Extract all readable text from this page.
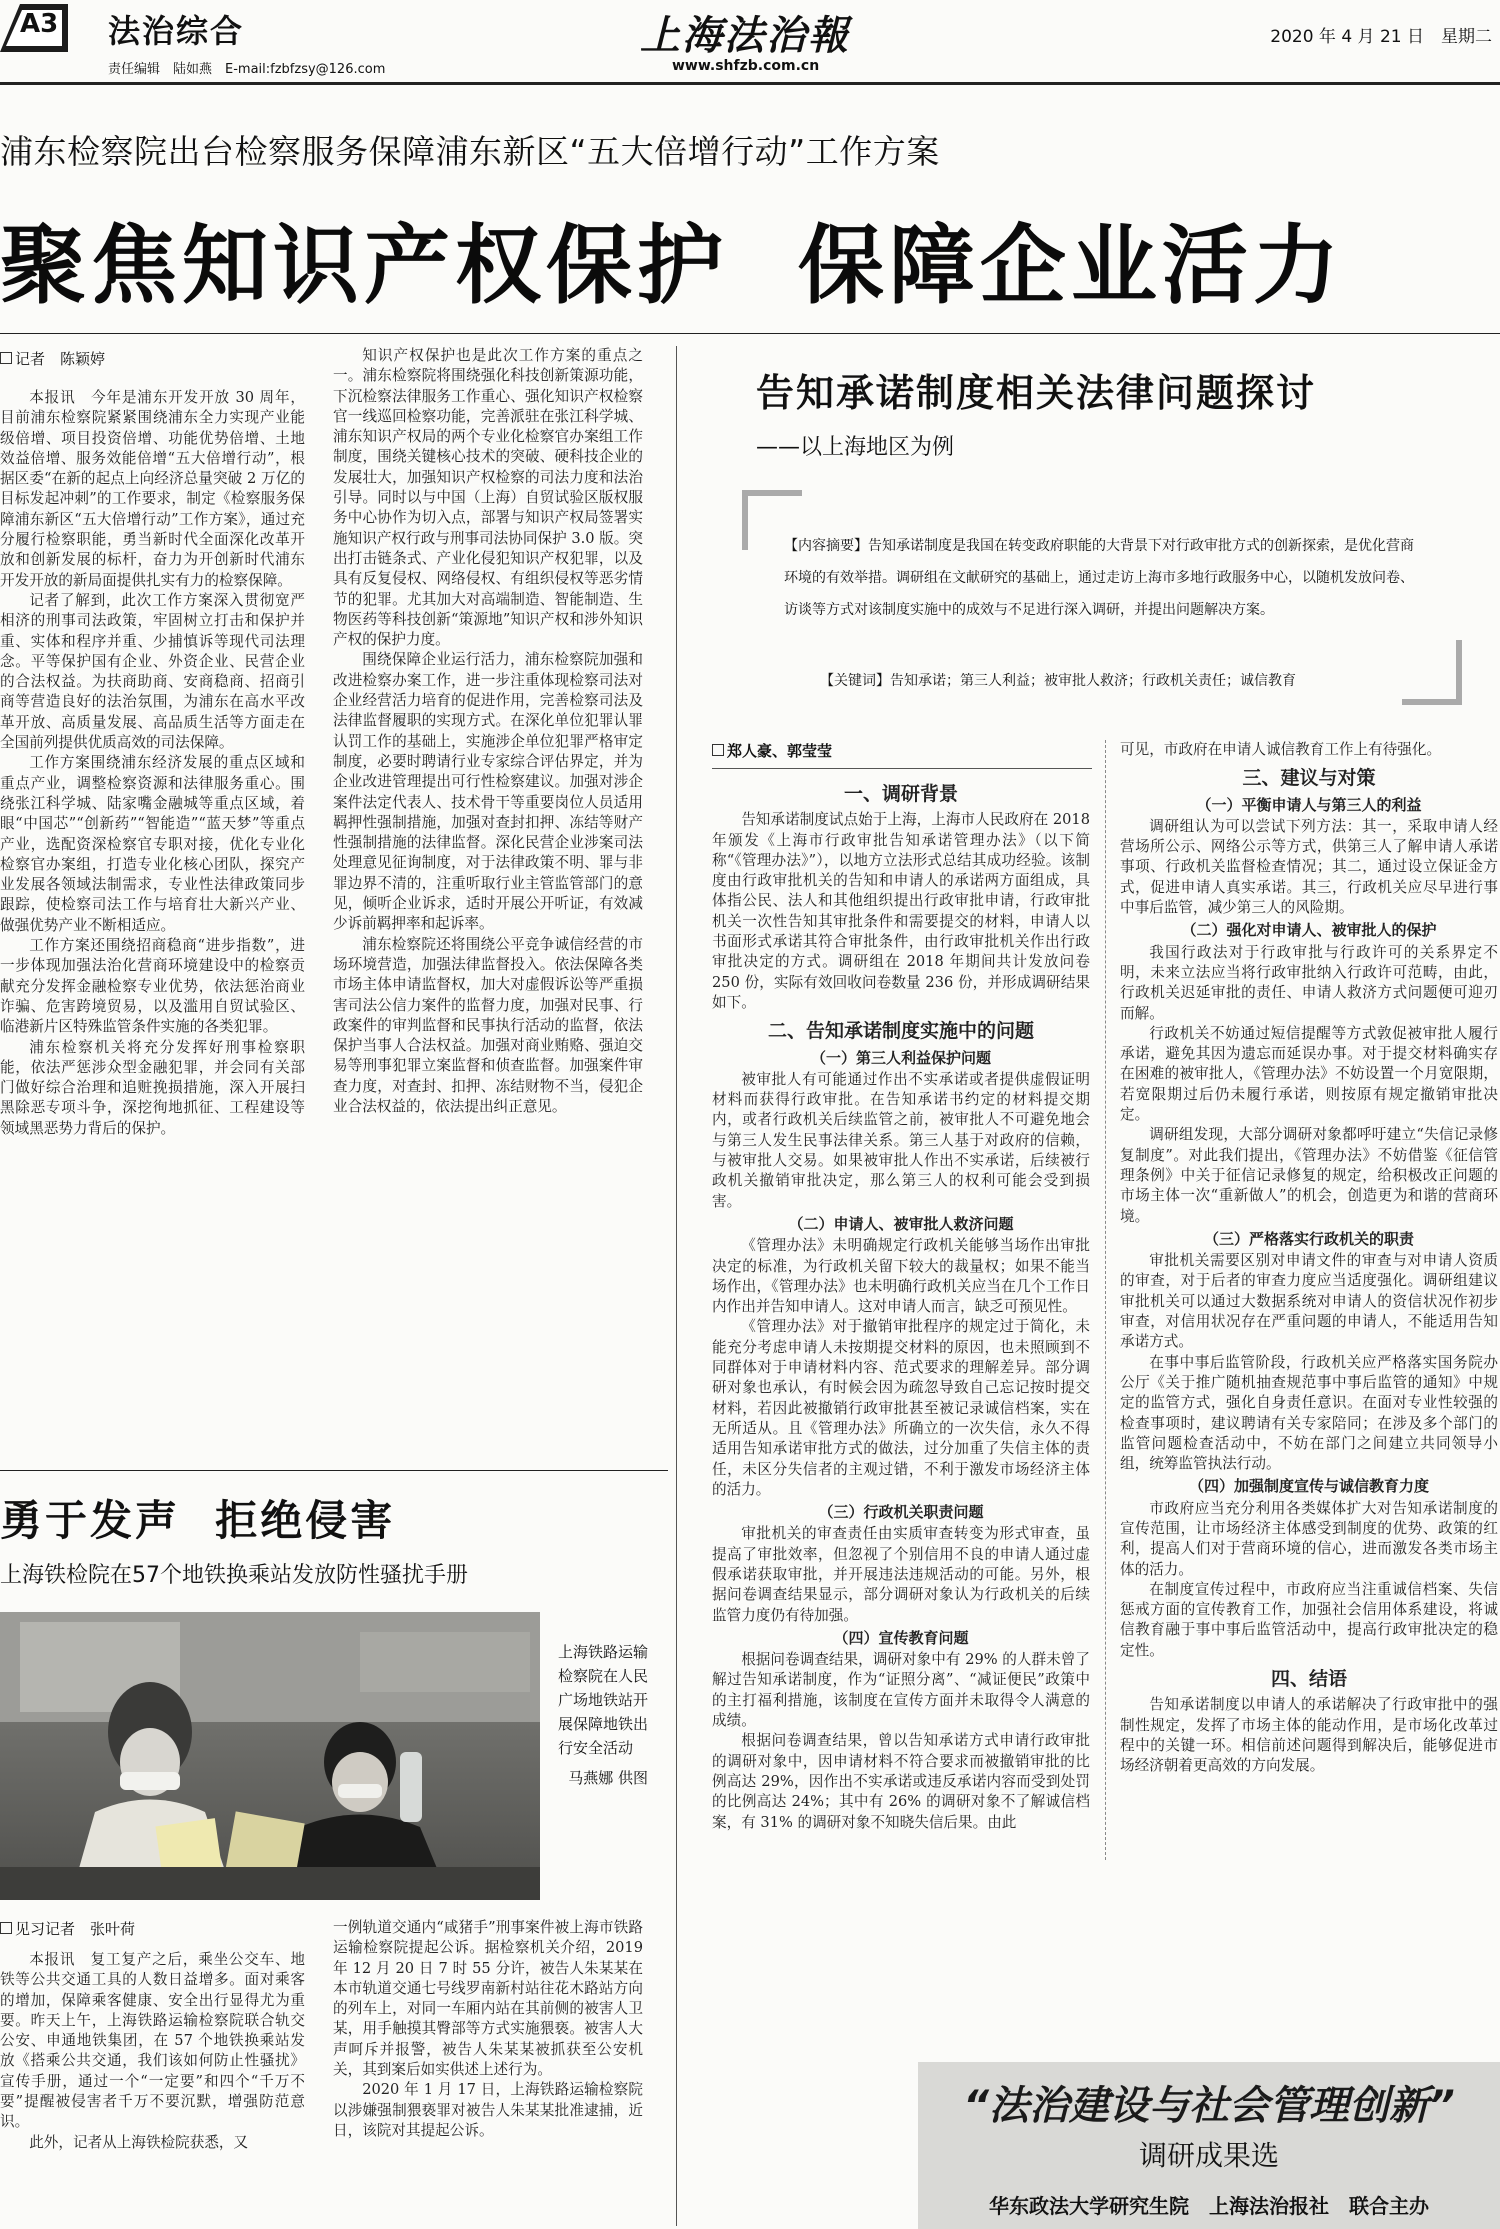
A3 法治综合
责任编辑　陆如燕　E-mail:fzbfzsy@126.com
上海法治報
www.shfzb.com.cn
2020 年 4 月 21 日　星期二
浦东检察院出台检察服务保障浦东新区“五大倍增行动”工作方案
聚焦知识产权保护  保障企业活力
记者　陈颖婷

本报讯　今年是浦东开发开放 30 周年，目前浦东检察院紧紧围绕浦东全力实现产业能级倍增、项目投资倍增、功能优势倍增、土地效益倍增、服务效能倍增“五大倍增行动”，根据区委“在新的起点上向经济总量突破 2 万亿的目标发起冲刺”的工作要求，制定《检察服务保障浦东新区“五大倍增行动”工作方案》，通过充分履行检察职能，勇当新时代全面深化改革开放和创新发展的标杆，奋力为开创新时代浦东开发开放的新局面提供扎实有力的检察保障。

记者了解到，此次工作方案深入贯彻宽严相济的刑事司法政策，牢固树立打击和保护并重、实体和程序并重、少捕慎诉等现代司法理念。平等保护国有企业、外资企业、民营企业的合法权益。为扶商助商、安商稳商、招商引商等营造良好的法治氛围，为浦东在高水平改革开放、高质量发展、高品质生活等方面走在全国前列提供优质高效的司法保障。

工作方案围绕浦东经济发展的重点区域和重点产业，调整检察资源和法律服务重心。围绕张江科学城、陆家嘴金融城等重点区域，着眼“中国芯”“创新药”“智能造”“蓝天梦”等重点产业，选配资深检察官专职对接，优化专业化检察官办案组，打造专业化核心团队，探究产业发展各领域法制需求，专业性法律政策同步跟踪，使检察司法工作与培育壮大新兴产业、做强优势产业不断相适应。

工作方案还围绕招商稳商“进步指数”，进一步体现加强法治化营商环境建设中的检察贡献充分发挥金融检察专业优势，依法惩治商业诈骗、危害跨境贸易，以及滥用自贸试验区、临港新片区特殊监管条件实施的各类犯罪。

浦东检察机关将充分发挥好刑事检察职能，依法严惩涉众型金融犯罪，并会同有关部门做好综合治理和追赃挽损措施，深入开展扫黑除恶专项斗争，深挖徇地抓征、工程建设等领域黑恶势力背后的保护。

知识产权保护也是此次工作方案的重点之一。浦东检察院将围绕强化科技创新策源功能，下沉检察法律服务工作重心、强化知识产权检察官一线巡回检察功能，完善派驻在张江科学城、浦东知识产权局的两个专业化检察官办案组工作制度，围绕关键核心技术的突破、硬科技企业的发展壮大，加强知识产权检察的司法力度和法治引导。同时以与中国（上海）自贸试验区版权服务中心协作为切入点，部署与知识产权局签署实施知识产权行政与刑事司法协同保护 3.0 版。突出打击链条式、产业化侵犯知识产权犯罪，以及具有反复侵权、网络侵权、有组织侵权等恶劣情节的犯罪。尤其加大对高端制造、智能制造、生物医药等科技创新“策源地”知识产权和涉外知识产权的保护力度。

围绕保障企业运行活力，浦东检察院加强和改进检察办案工作，进一步注重体现检察司法对企业经营活力培育的促进作用，完善检察司法及法律监督履职的实现方式。在深化单位犯罪认罪认罚工作的基础上，实施涉企单位犯罪严格审定制度，必要时聘请行业专家综合评估界定，并为企业改进管理提出可行性检察建议。加强对涉企案件法定代表人、技术骨干等重要岗位人员适用羁押性强制措施，加强对查封扣押、冻结等财产性强制措施的法律监督。深化民营企业涉案司法处理意见征询制度，对于法律政策不明、罪与非罪边界不清的，注重听取行业主管监管部门的意见，倾听企业诉求，适时开展公开听证，有效减少诉前羁押率和起诉率。

浦东检察院还将围绕公平竞争诚信经营的市场环境营造，加强法律监督投入。依法保障各类市场主体申请监督权，加大对虚假诉讼等严重损害司法公信力案件的监督力度，加强对民事、行政案件的审判监督和民事执行活动的监督，依法保护当事人合法权益。加强对商业贿赂、强迫交易等刑事犯罪立案监督和侦查监督。加强案件审查力度，对查封、扣押、冻结财物不当，侵犯企业合法权益的，依法提出纠正意见。

勇于发声  拒绝侵害
上海铁检院在57个地铁换乘站发放防性骚扰手册
上海铁路运输检察院在人民广场地铁站开展保障地铁出行安全活动
马燕娜 供图
见习记者　张叶荷

本报讯　复工复产之后，乘坐公交车、地铁等公共交通工具的人数日益增多。面对乘客的增加，保障乘客健康、安全出行显得尤为重要。昨天上午，上海铁路运输检察院联合轨交公安、申通地铁集团，在 57 个地铁换乘站发放《搭乘公共交通，我们该如何防止性骚扰》宣传手册，通过一个“一定要”和四个“千万不要”提醒被侵害者千万不要沉默，增强防范意识。

此外，记者从上海铁检院获悉，又

一例轨道交通内“咸猪手”刑事案件被上海市铁路运输检察院提起公诉。据检察机关介绍，2019 年 12 月 20 日 7 时 55 分许，被告人朱某某在本市轨道交通七号线罗南新村站往花木路站方向的列车上，对同一车厢内站在其前侧的被害人卫某，用手触摸其臀部等方式实施猥亵。被害人大声呵斥并报警，被告人朱某某被抓获至公安机关，其到案后如实供述上述行为。

2020 年 1 月 17 日，上海铁路运输检察院以涉嫌强制猥亵罪对被告人朱某某批准逮捕，近日，该院对其提起公诉。

告知承诺制度相关法律问题探讨
——以上海地区为例
【内容摘要】告知承诺制度是我国在转变政府职能的大背景下对行政审批方式的创新探索，是优化营商环境的有效举措。调研组在文献研究的基础上，通过走访上海市多地行政服务中心，以随机发放问卷、访谈等方式对该制度实施中的成效与不足进行深入调研，并提出问题解决方案。
【关键词】告知承诺；第三人利益；被审批人救济；行政机关责任；诚信教育
郑人豪、郭莹莹

一、调研背景

告知承诺制度试点始于上海，上海市人民政府在 2018 年颁发《上海市行政审批告知承诺管理办法》（以下简称“《管理办法》”），以地方立法形式总结其成功经验。该制度由行政审批机关的告知和申请人的承诺两方面组成，具体指公民、法人和其他组织提出行政审批申请，行政审批机关一次性告知其审批条件和需要提交的材料，申请人以书面形式承诺其符合审批条件，由行政审批机关作出行政审批决定的方式。调研组在 2018 年期间共计发放问卷 250 份，实际有效回收问卷数量 236 份，并形成调研结果如下。

二、告知承诺制度实施中的问题

（一）第三人利益保护问题

被审批人有可能通过作出不实承诺或者提供虚假证明材料而获得行政审批。在告知承诺书约定的材料提交期内，或者行政机关后续监管之前，被审批人不可避免地会与第三人发生民事法律关系。第三人基于对政府的信赖，与被审批人交易。如果被审批人作出不实承诺，后续被行政机关撤销审批决定，那么第三人的权利可能会受到损害。

（二）申请人、被审批人救济问题

《管理办法》未明确规定行政机关能够当场作出审批决定的标准，为行政机关留下较大的裁量权；如果不能当场作出，《管理办法》也未明确行政机关应当在几个工作日内作出并告知申请人。这对申请人而言，缺乏可预见性。

《管理办法》对于撤销审批程序的规定过于简化，未能充分考虑申请人未按期提交材料的原因，也未照顾到不同群体对于申请材料内容、范式要求的理解差异。部分调研对象也承认，有时候会因为疏忽导致自己忘记按时提交材料，若因此被撤销行政审批甚至被记录诚信档案，实在无所适从。且《管理办法》所确立的一次失信，永久不得适用告知承诺审批方式的做法，过分加重了失信主体的责任，未区分失信者的主观过错，不利于激发市场经济主体的活力。

（三）行政机关职责问题

审批机关的审查责任由实质审查转变为形式审查，虽提高了审批效率，但忽视了个别信用不良的申请人通过虚假承诺获取审批，并开展违法违规活动的可能。另外，根据问卷调查结果显示，部分调研对象认为行政机关的后续监管力度仍有待加强。

（四）宣传教育问题

根据问卷调查结果，调研对象中有 29% 的人群未曾了解过告知承诺制度，作为“证照分离”、“减证便民”政策中的主打福利措施，该制度在宣传方面并未取得令人满意的成绩。

根据问卷调查结果，曾以告知承诺方式申请行政审批的调研对象中，因申请材料不符合要求而被撤销审批的比例高达 29%，因作出不实承诺或违反承诺内容而受到处罚的比例高达 24%；其中有 26% 的调研对象不了解诚信档案，有 31% 的调研对象不知晓失信后果。由此

可见，市政府在申请人诚信教育工作上有待强化。

三、建议与对策

（一）平衡申请人与第三人的利益

调研组认为可以尝试下列方法：其一，采取申请人经营场所公示、网络公示等方式，供第三人了解申请人承诺事项、行政机关监督检查情况；其二，通过设立保证金方式，促进申请人真实承诺。其三，行政机关应尽早进行事中事后监管，减少第三人的风险期。

（二）强化对申请人、被审批人的保护

我国行政法对于行政审批与行政许可的关系界定不明，未来立法应当将行政审批纳入行政许可范畴，由此，行政机关迟延审批的责任、申请人救济方式问题便可迎刃而解。

行政机关不妨通过短信提醒等方式敦促被审批人履行承诺，避免其因为遗忘而延误办事。对于提交材料确实存在困难的被审批人，《管理办法》不妨设置一个月宽限期，若宽限期过后仍未履行承诺，则按原有规定撤销审批决定。

调研组发现，大部分调研对象都呼吁建立“失信记录修复制度”。对此我们提出，《管理办法》不妨借鉴《征信管理条例》中关于征信记录修复的规定，给积极改正问题的市场主体一次“重新做人”的机会，创造更为和谐的营商环境。

（三）严格落实行政机关的职责

审批机关需要区别对申请文件的审查与对申请人资质的审查，对于后者的审查力度应当适度强化。调研组建议审批机关可以通过大数据系统对申请人的资信状况作初步审查，对信用状况存在严重问题的申请人，不能适用告知承诺方式。

在事中事后监管阶段，行政机关应严格落实国务院办公厅《关于推广随机抽查规范事中事后监管的通知》中规定的监管方式，强化自身责任意识。在面对专业性较强的检查事项时，建议聘请有关专家陪同；在涉及多个部门的监管问题检查活动中，不妨在部门之间建立共同领导小组，统筹监管执法行动。

（四）加强制度宣传与诚信教育力度

市政府应当充分利用各类媒体扩大对告知承诺制度的宣传范围，让市场经济主体感受到制度的优势、政策的红利，提高人们对于营商环境的信心，进而激发各类市场主体的活力。

在制度宣传过程中，市政府应当注重诚信档案、失信惩戒方面的宣传教育工作，加强社会信用体系建设，将诚信教育融于事中事后监管活动中，提高行政审批决定的稳定性。

四、结语

告知承诺制度以申请人的承诺解决了行政审批中的强制性规定，发挥了市场主体的能动作用，是市场化改革过程中的关键一环。相信前述问题得到解决后，能够促进市场经济朝着更高效的方向发展。

“法治建设与社会管理创新”
调研成果选
华东政法大学研究生院　上海法治报社　联合主办
